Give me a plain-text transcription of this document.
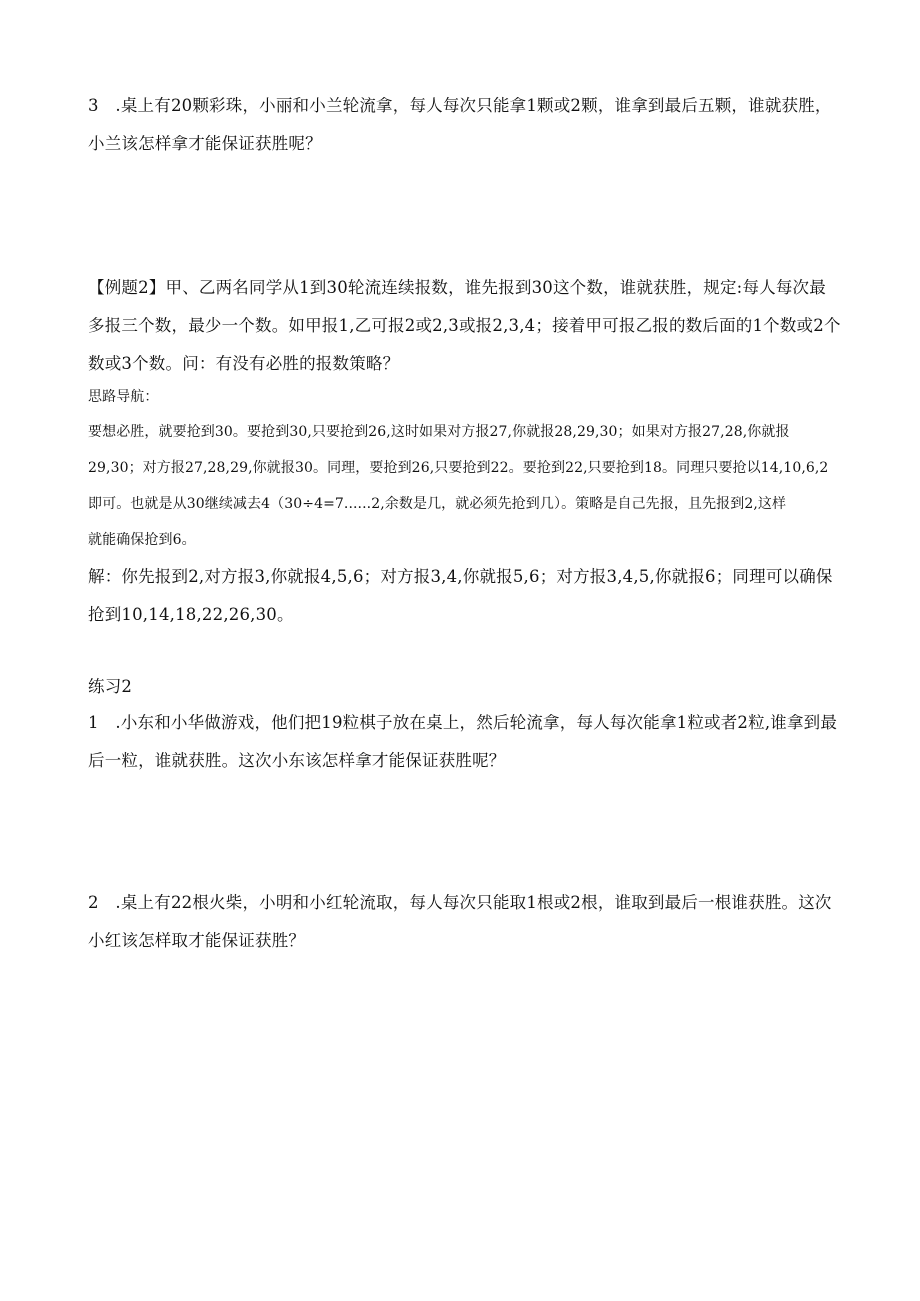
3 .桌上有20颗彩珠，小丽和小兰轮流拿，每人每次只能拿1颗或2颗，谁拿到最后五颗，谁就获胜，

小兰该怎样拿才能保证获胜呢？

【例题2】甲、乙两名同学从1到30轮流连续报数，谁先报到30这个数，谁就获胜，规定:每人每次最

多报三个数，最少一个数。如甲报1,乙可报2或2,3或报2,3,4；接着甲可报乙报的数后面的1个数或2个

数或3个数。问：有没有必胜的报数策略？

思路导航：

要想必胜，就要抢到30。要抢到30,只要抢到26,这时如果对方报27,你就报28,29,30；如果对方报27,28,你就报

29,30；对方报27,28,29,你就报30。同理，要抢到26,只要抢到22。要抢到22,只要抢到18。同理只要抢以14,10,6,2

即可。也就是从30继续减去4（30÷4=7......2,余数是几，就必须先抢到几）。策略是自己先报，且先报到2,这样

就能确保抢到6。

解：你先报到2,对方报3,你就报4,5,6；对方报3,4,你就报5,6；对方报3,4,5,你就报6；同理可以确保

抢到10,14,18,22,26,30。

练习2

1 .小东和小华做游戏，他们把19粒棋子放在桌上，然后轮流拿，每人每次能拿1粒或者2粒,谁拿到最

后一粒，谁就获胜。这次小东该怎样拿才能保证获胜呢？

2 .桌上有22根火柴，小明和小红轮流取，每人每次只能取1根或2根，谁取到最后一根谁获胜。这次

小红该怎样取才能保证获胜？
